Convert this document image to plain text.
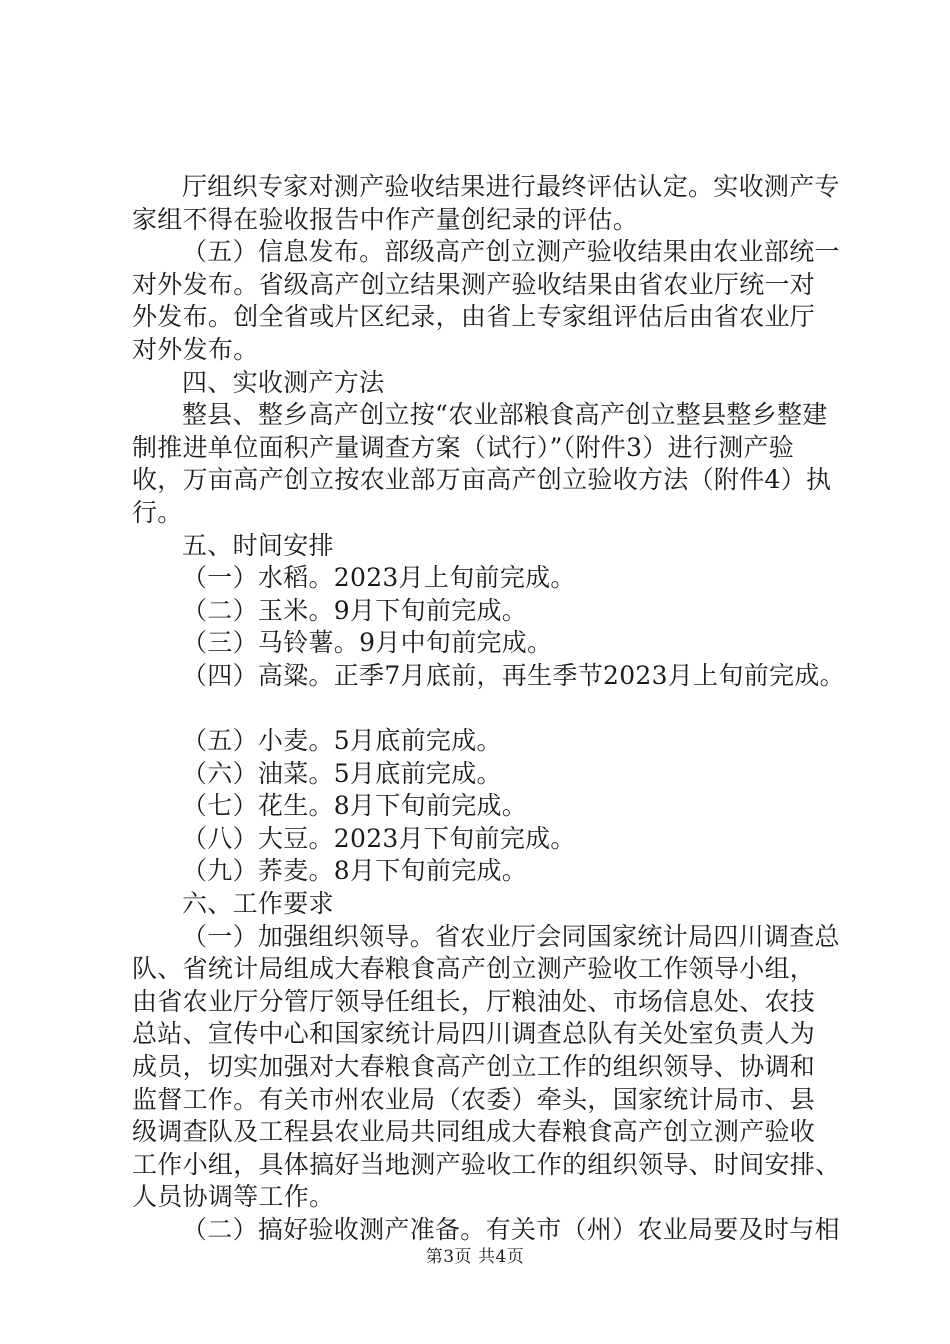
厅组织专家对测产验收结果进行最终评估认定。实收测产专
家组不得在验收报告中作产量创纪录的评估。
（五）信息发布。部级高产创立测产验收结果由农业部统一
对外发布。省级高产创立结果测产验收结果由省农业厅统一对
外发布。创全省或片区纪录，由省上专家组评估后由省农业厅
对外发布。
四、实收测产方法
整县、整乡高产创立按“农业部粮食高产创立整县整乡整建
制推进单位面积产量调查方案（试行）”（附件3）进行测产验
收，万亩高产创立按农业部万亩高产创立验收方法（附件4）执
行。
五、时间安排
（一）水稻。2023月上旬前完成。
（二）玉米。9月下旬前完成。
（三）马铃薯。9月中旬前完成。
（四）高粱。正季7月底前，再生季节2023月上旬前完成。
（五）小麦。5月底前完成。
（六）油菜。5月底前完成。
（七）花生。8月下旬前完成。
（八）大豆。2023月下旬前完成。
（九）荞麦。8月下旬前完成。
六、工作要求
（一）加强组织领导。省农业厅会同国家统计局四川调查总
队、省统计局组成大春粮食高产创立测产验收工作领导小组，
由省农业厅分管厅领导任组长，厅粮油处、市场信息处、农技
总站、宣传中心和国家统计局四川调查总队有关处室负责人为
成员，切实加强对大春粮食高产创立工作的组织领导、协调和
监督工作。有关市州农业局（农委）牵头，国家统计局市、县
级调查队及工程县农业局共同组成大春粮食高产创立测产验收
工作小组，具体搞好当地测产验收工作的组织领导、时间安排、
人员协调等工作。
（二）搞好验收测产准备。有关市（州）农业局要及时与相
第3页 共4页
